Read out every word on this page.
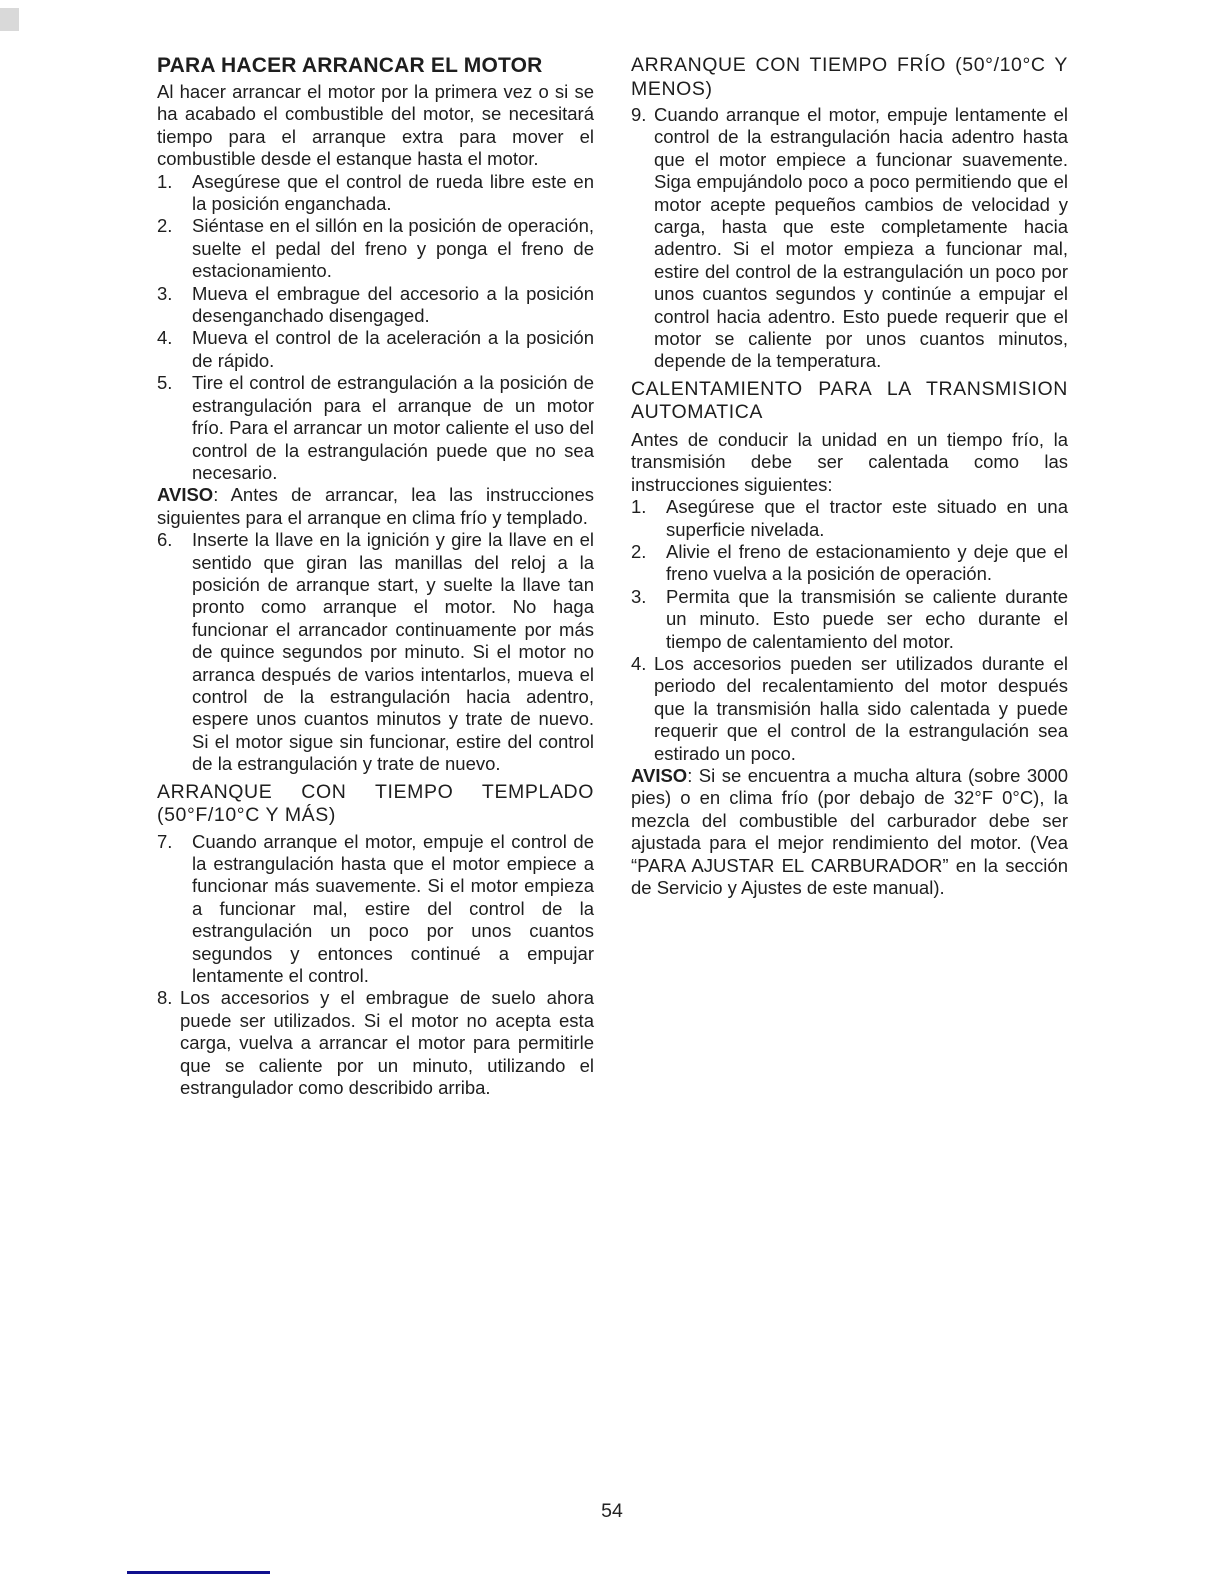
PARA HACER ARRANCAR EL MOTOR

Al hacer arrancar el motor por la primera vez o si se ha acabado el combustible del motor, se necesitará tiempo para el arranque extra para mover el combustible desde el estanque hasta el motor.

1.	Asegúrese que el control de rueda libre este en la posición enganchada.
2.	Siéntase en el sillón en la posición de operación, suelte el pedal del freno y ponga el freno de estacionamiento.
3.	Mueva el embrague del accesorio a la posición desenganchado disengaged.
4.	Mueva el control de la aceleración a la posición de rápido.
5.	Tire el control de estrangulación a la posición de estrangulación para el arranque de un motor frío. Para el arrancar un motor caliente el uso del control de la estrangulación puede que no sea necesario.

AVISO: Antes de arrancar, lea las instrucciones siguientes para el arranque en clima frío y templado.

6.	Inserte la llave en la ignición y gire la llave en el sentido que giran las manillas del reloj a la posición de arranque start, y suelte la llave tan pronto como arranque el motor. No haga funcionar el arrancador continuamente por más de quince segundos por minuto. Si el motor no arranca después de varios intentarlos, mueva el control de la estrangulación hacia adentro, espere unos cuantos minutos y trate de nuevo. Si el motor sigue sin funcionar, estire del control de la estrangulación y trate de nuevo.
ARRANQUE CON TIEMPO TEMPLADO (50°F/10°C Y MÁS)
7.	Cuando arranque el motor, empuje el control de la estrangulación hasta que el motor empiece a funcionar más suavemente. Si el motor empieza a funcionar mal, estire del control de la estrangulación un poco por unos cuantos segundos y entonces continué a empujar lentamente el control.
8. Los accesorios y el embrague de suelo ahora puede ser utilizados. Si el motor no acepta esta carga, vuelva a arrancar el motor para permitirle que se caliente por un minuto, utilizando el estrangulador como describido arriba.
ARRANQUE CON TIEMPO FRÍO (50°/10°C Y MENOS)
9. Cuando arranque el motor, empuje lentamente el control de la estrangulación hacia adentro hasta que el motor empiece a funcionar suavemente. Siga empujándolo poco a poco permitiendo que el motor acepte pequeños cambios de velocidad y carga, hasta que este completamente hacia adentro. Si el motor empieza a funcionar mal, estire del control de la estrangulación un poco por unos cuantos segundos y continúe a empujar el control hacia adentro. Esto puede requerir que el motor se caliente por unos cuantos minutos, depende de la temperatura.
CALENTAMIENTO PARA LA TRANSMISION AUTOMATICA

Antes de conducir la unidad en un tiempo frío, la transmisión debe ser calentada como las instrucciones siguientes:

1.	Asegúrese que el tractor este situado en una superficie nivelada.
2.	Alivie el freno de estacionamiento y deje que el freno vuelva a la posición de operación.
3.	Permita que la transmisión se caliente durante un minuto. Esto puede ser echo durante el tiempo de calentamiento del motor.
4. Los accesorios pueden ser utilizados durante el periodo del recalentamiento del motor después que la transmisión halla sido calentada y puede requerir que el control de la estrangulación sea estirado un poco.

AVISO: Si se encuentra a mucha altura (sobre 3000 pies) o en clima frío (por debajo de 32°F 0°C), la mezcla del combustible del carburador debe ser ajustada para el mejor rendimiento del motor. (Vea “PARA AJUSTAR EL CARBURADOR” en la sección de Servicio y Ajustes de este manual).

54
